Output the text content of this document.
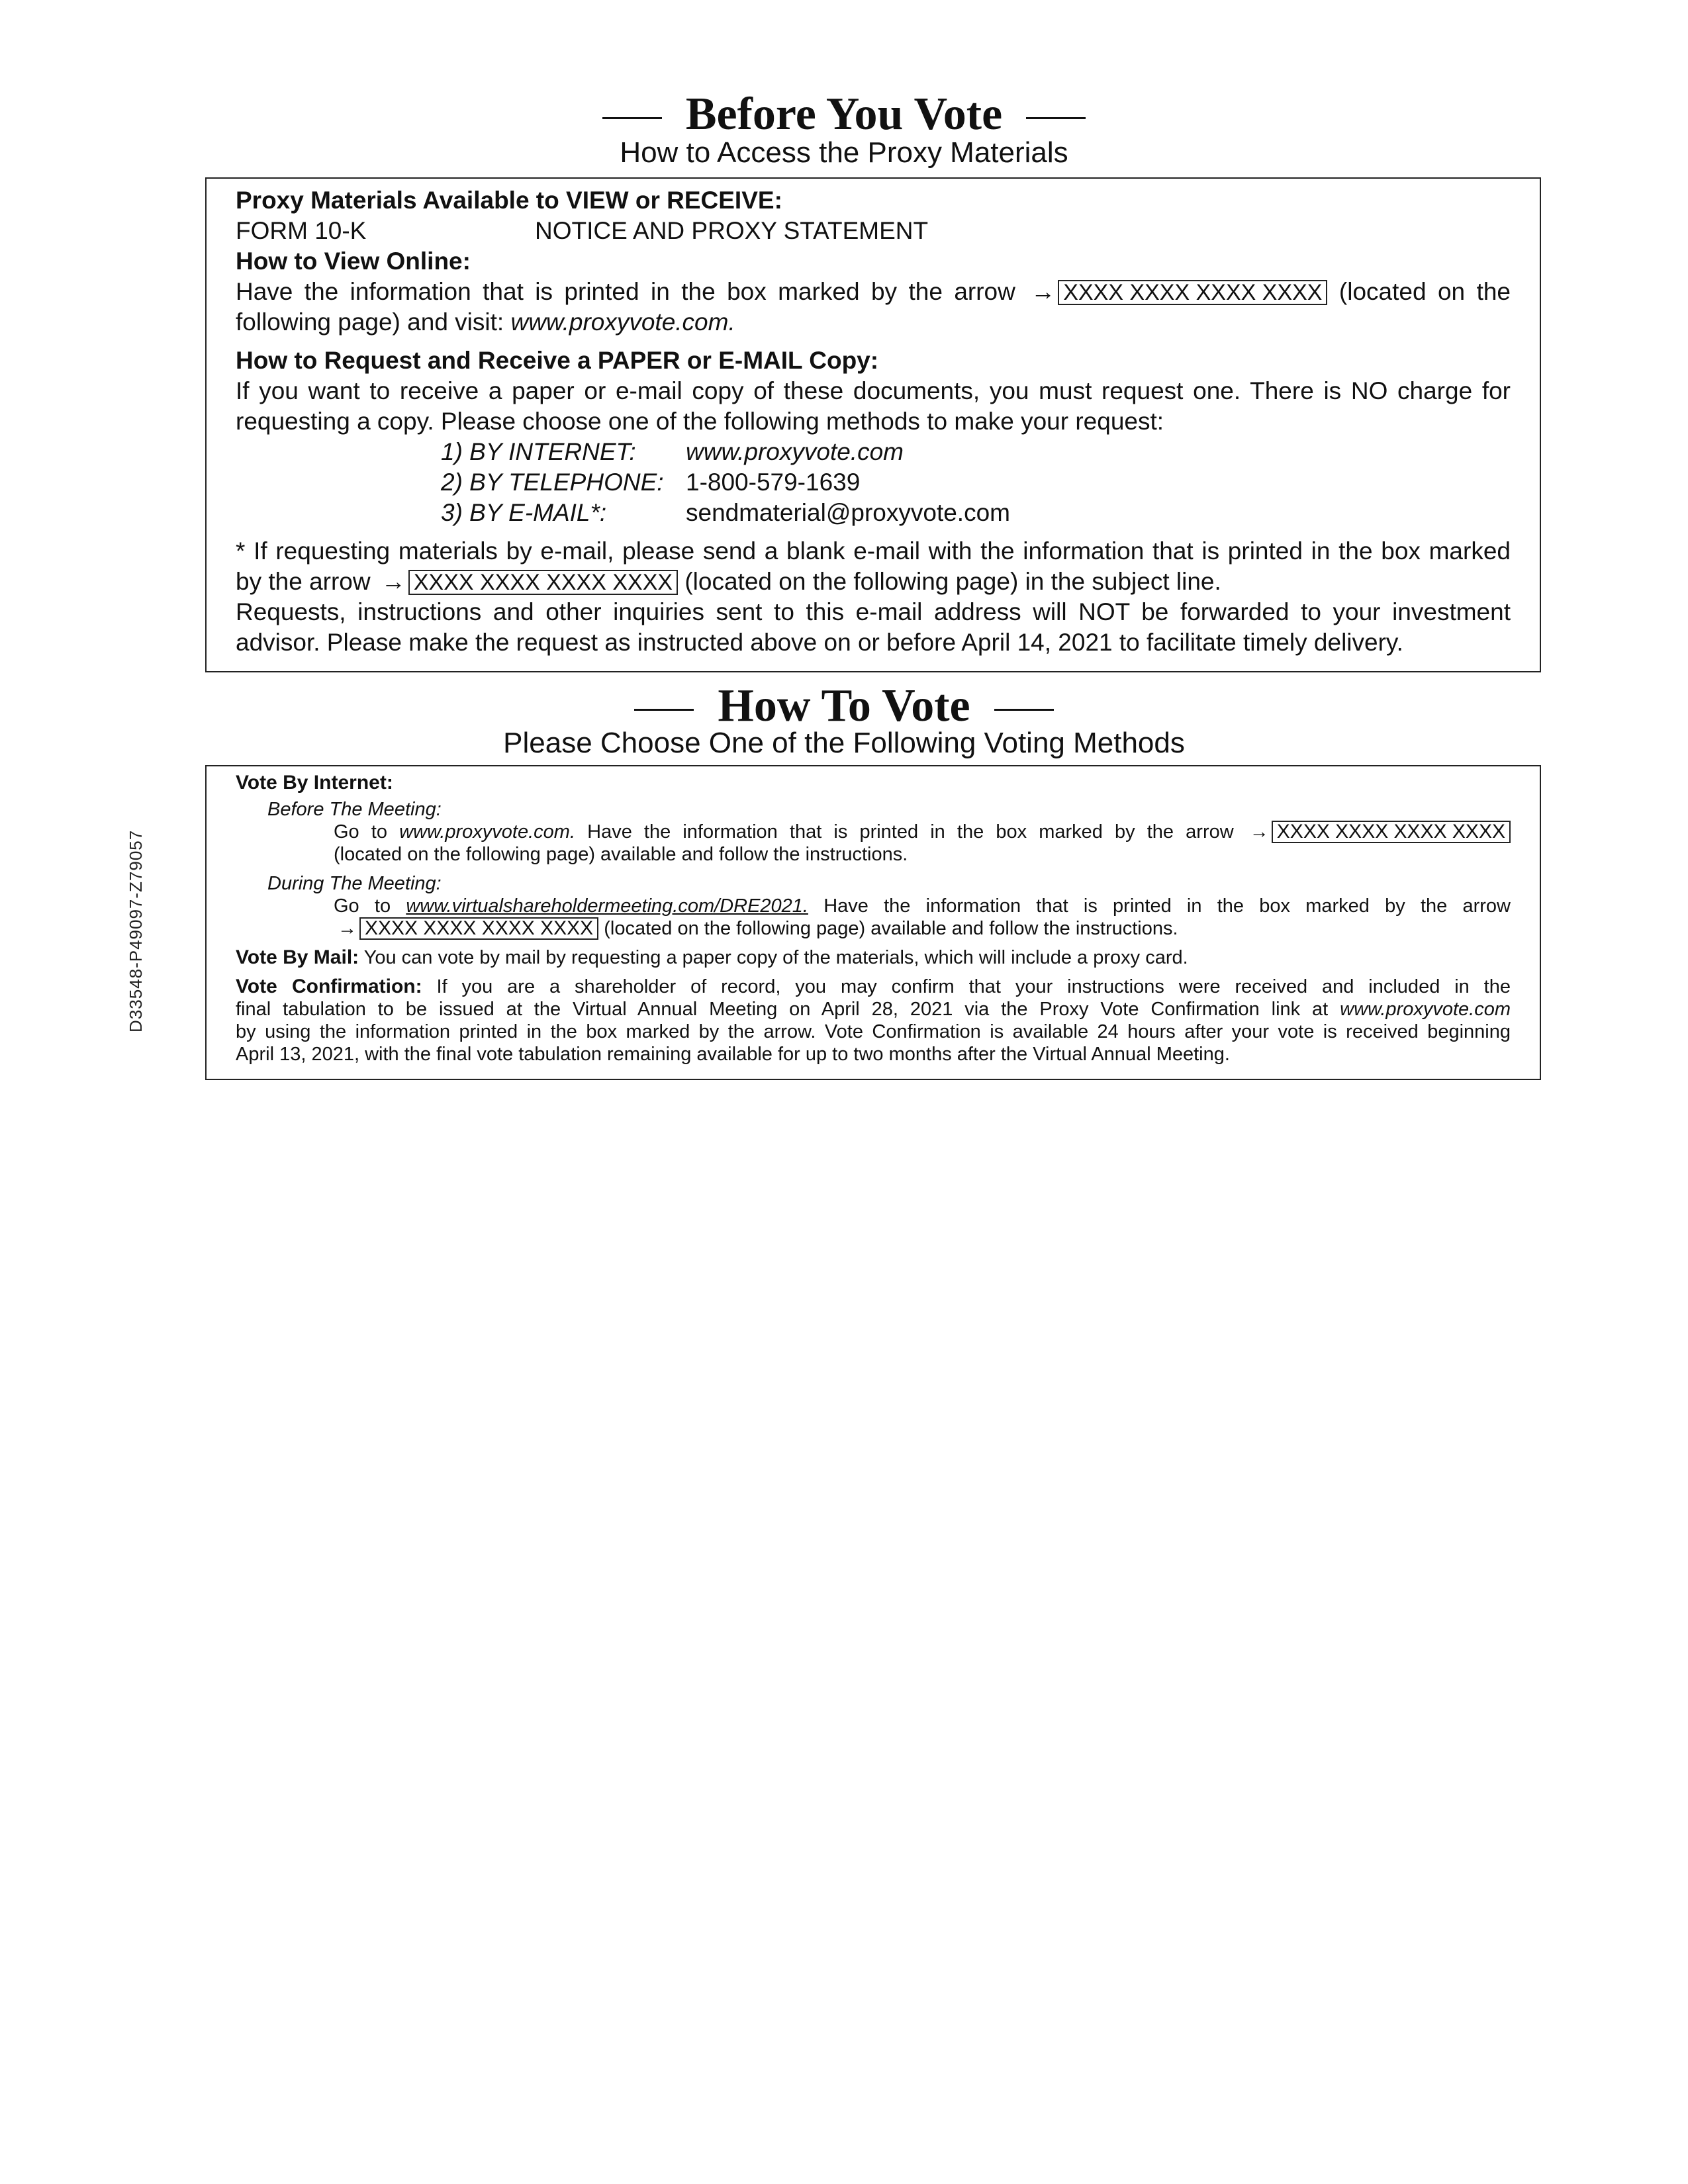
Before You Vote
How to Access the Proxy Materials
Proxy Materials Available to VIEW or RECEIVE:
FORM 10-K	NOTICE AND PROXY STATEMENT
How to View Online:
Have the information that is printed in the box marked by the arrow → XXXX XXXX XXXX XXXX (located on the
following page) and visit: www.proxyvote.com.
How to Request and Receive a PAPER or E-MAIL Copy:
If you want to receive a paper or e-mail copy of these documents, you must request one. There is NO charge for
requesting a copy. Please choose one of the following methods to make your request:
1) BY INTERNET: www.proxyvote.com
2) BY TELEPHONE: 1-800-579-1639
3) BY E-MAIL*:	sendmaterial@proxyvote.com
* If requesting materials by e-mail, please send a blank e-mail with the information that is printed in the box marked
by the arrow → XXXX XXXX XXXX XXXX (located on the following page) in the subject line.
Requests, instructions and other inquiries sent to this e-mail address will NOT be forwarded to your investment
advisor. Please make the request as instructed above on or before April 14, 2021 to facilitate timely delivery.
How To Vote
Please Choose One of the Following Voting Methods
Vote By Internet:
Before The Meeting:
Go to www.proxyvote.com. Have the information that is printed in the box marked by the arrow → XXXX XXXX XXXX XXXX
(located on the following page) available and follow the instructions.
During The Meeting:
Go to www.virtualshareholdermeeting.com/DRE2021. Have the information that is printed in the box marked by the arrow
→ XXXX XXXX XXXX XXXX (located on the following page) available and follow the instructions.
Vote By Mail: You can vote by mail by requesting a paper copy of the materials, which will include a proxy card.
Vote Confirmation: If you are a shareholder of record, you may confirm that your instructions were received and included in the
final tabulation to be issued at the Virtual Annual Meeting on April 28, 2021 via the Proxy Vote Confirmation link at www.proxyvote.com
by using the information printed in the box marked by the arrow. Vote Confirmation is available 24 hours after your vote is received beginning
April 13, 2021, with the final vote tabulation remaining available for up to two months after the Virtual Annual Meeting.
D33548-P49097-Z79057
